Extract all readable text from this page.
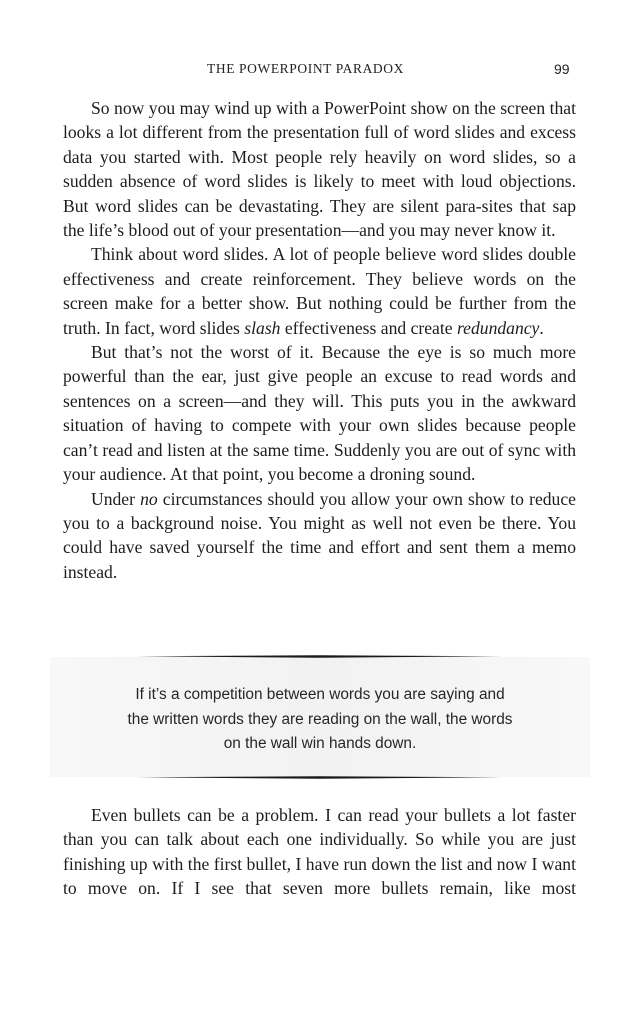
THE POWERPOINT PARADOX	99

So now you may wind up with a PowerPoint show on the screen that looks a lot different from the presentation full of word slides and excess data you started with. Most people rely heavily on word slides, so a sudden absence of word slides is likely to meet with loud objections. But word slides can be devastating. They are silent para-sites that sap the life’s blood out of your presentation—and you may never know it.

Think about word slides. A lot of people believe word slides double effectiveness and create reinforcement. They believe words on the screen make for a better show. But nothing could be further from the truth. In fact, word slides slash effectiveness and create redundancy.

But that’s not the worst of it. Because the eye is so much more powerful than the ear, just give people an excuse to read words and sentences on a screen—and they will. This puts you in the awkward situation of having to compete with your own slides because people can’t read and listen at the same time. Suddenly you are out of sync with your audience. At that point, you become a droning sound.

Under no circumstances should you allow your own show to reduce you to a background noise. You might as well not even be there. You could have saved yourself the time and effort and sent them a memo instead.

If it’s a competition between words you are saying and
the written words they are reading on the wall, the words
on the wall win hands down.

Even bullets can be a problem. I can read your bullets a lot faster than you can talk about each one individually. So while you are just finishing up with the first bullet, I have run down the list and now I want to move on. If I see that seven more bullets remain, like most
